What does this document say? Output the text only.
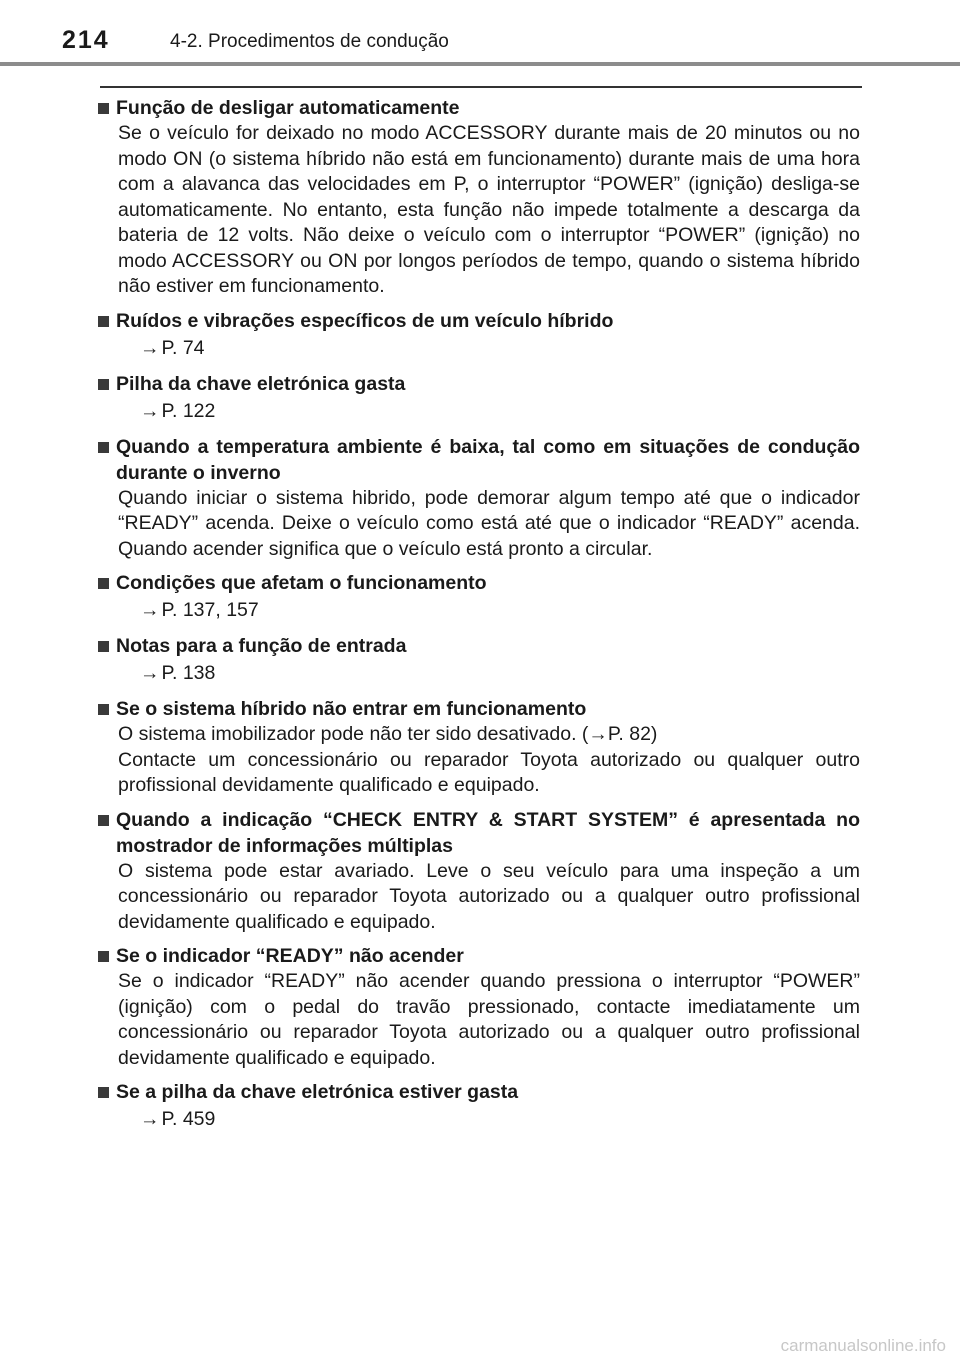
214	4-2. Procedimentos de condução
Função de desligar automaticamente
Se o veículo for deixado no modo ACCESSORY durante mais de 20 minutos ou no modo ON (o sistema híbrido não está em funcionamento) durante mais de uma hora com a alavanca das velocidades em P, o interruptor “POWER” (ignição) desliga-se automaticamente. No entanto, esta função não impede totalmente a descarga da bateria de 12 volts. Não deixe o veículo com o interruptor “POWER” (ignição) no modo ACCESSORY ou ON por longos períodos de tempo, quando o sistema híbrido não estiver em funcionamento.
Ruídos e vibrações específicos de um veículo híbrido
→ P. 74
Pilha da chave eletrónica gasta
→ P. 122
Quando a temperatura ambiente é baixa, tal como em situações de condução durante o inverno
Quando iniciar o sistema hibrido, pode demorar algum tempo até que o indicador “READY” acenda. Deixe o veículo como está até que o indicador “READY” acenda. Quando acender significa que o veículo está pronto a circular.
Condições que afetam o funcionamento
→ P. 137, 157
Notas para a função de entrada
→ P. 138
Se o sistema híbrido não entrar em funcionamento
O sistema imobilizador pode não ter sido desativado. (→P. 82)
Contacte um concessionário ou reparador Toyota autorizado ou qualquer outro profissional devidamente qualificado e equipado.
Quando a indicação “CHECK ENTRY & START SYSTEM” é apresentada no mostrador de informações múltiplas
O sistema pode estar avariado. Leve o seu veículo para uma inspeção a um concessionário ou reparador Toyota autorizado ou a qualquer outro profissional devidamente qualificado e equipado.
Se o indicador “READY” não acender
Se o indicador “READY” não acender quando pressiona o interruptor “POWER” (ignição) com o pedal do travão pressionado, contacte imediatamente um concessionário ou reparador Toyota autorizado ou a qualquer outro profissional devidamente qualificado e equipado.
Se a pilha da chave eletrónica estiver gasta
→ P. 459
carmanualsonline.info
